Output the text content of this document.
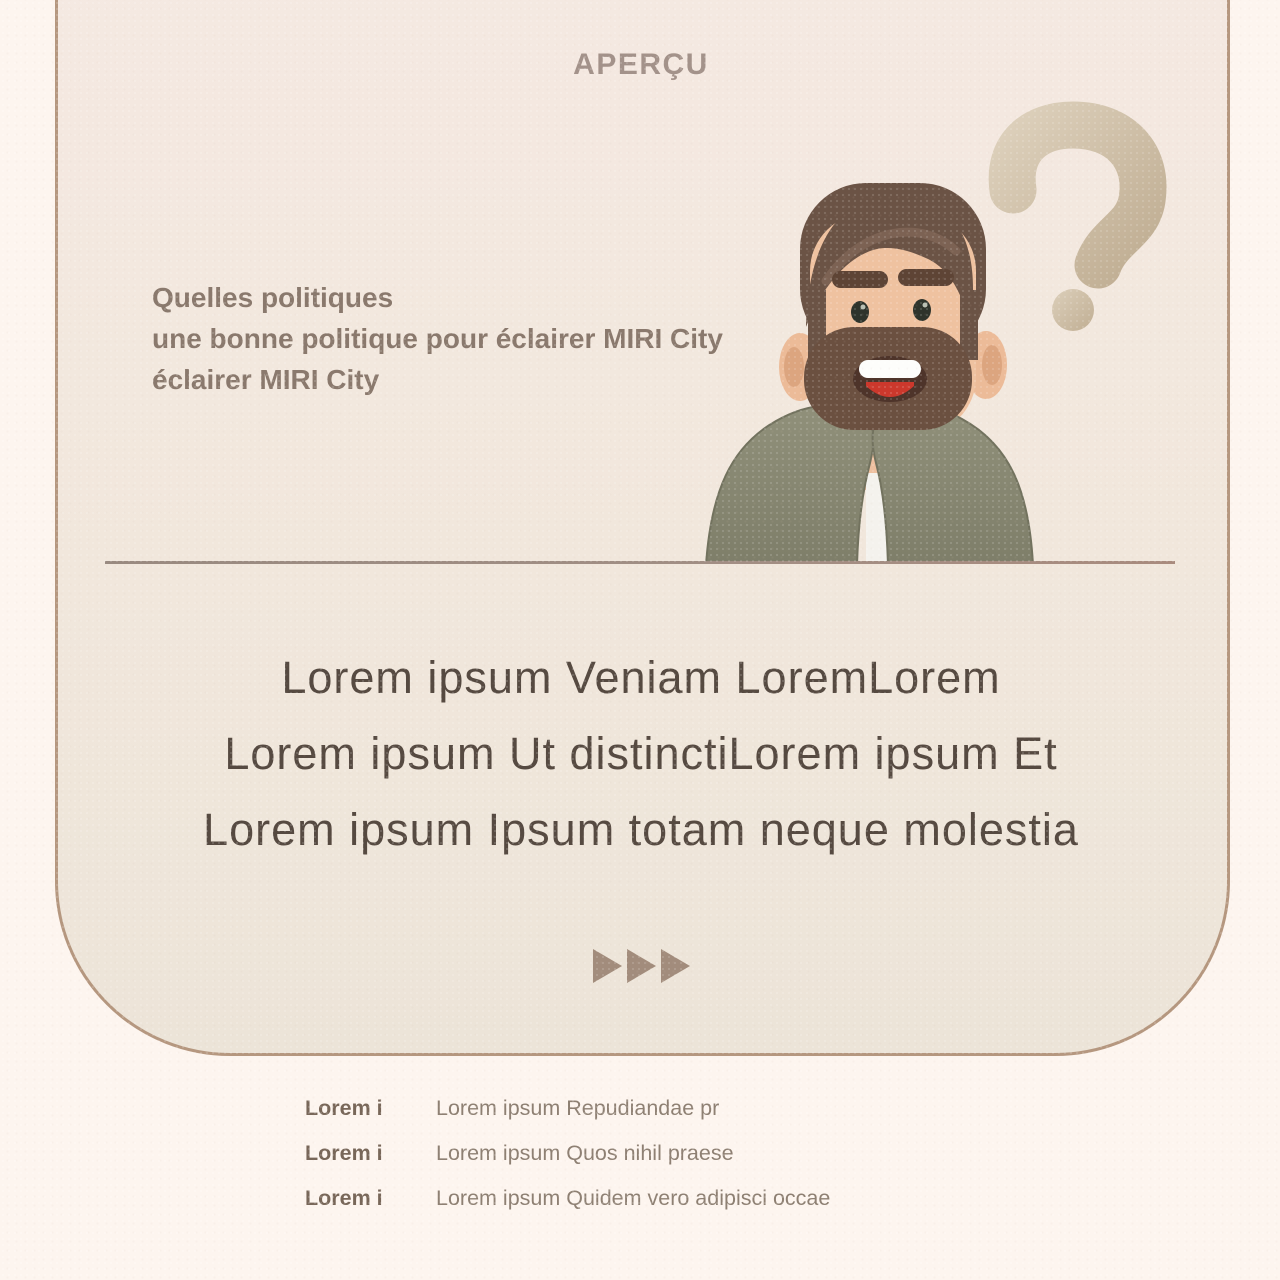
APERÇU
Quelles politiques
une bonne politique pour éclairer MIRI City
éclairer MIRI City
Lorem ipsum Veniam LoremLorem
Lorem ipsum Ut distinctiLorem ipsum Et
Lorem ipsum Ipsum totam neque molestia
Lorem i	Lorem ipsum Repudiandae pr
Lorem i	Lorem ipsum Quos nihil praese
Lorem i	Lorem ipsum Quidem vero adipisci occae
